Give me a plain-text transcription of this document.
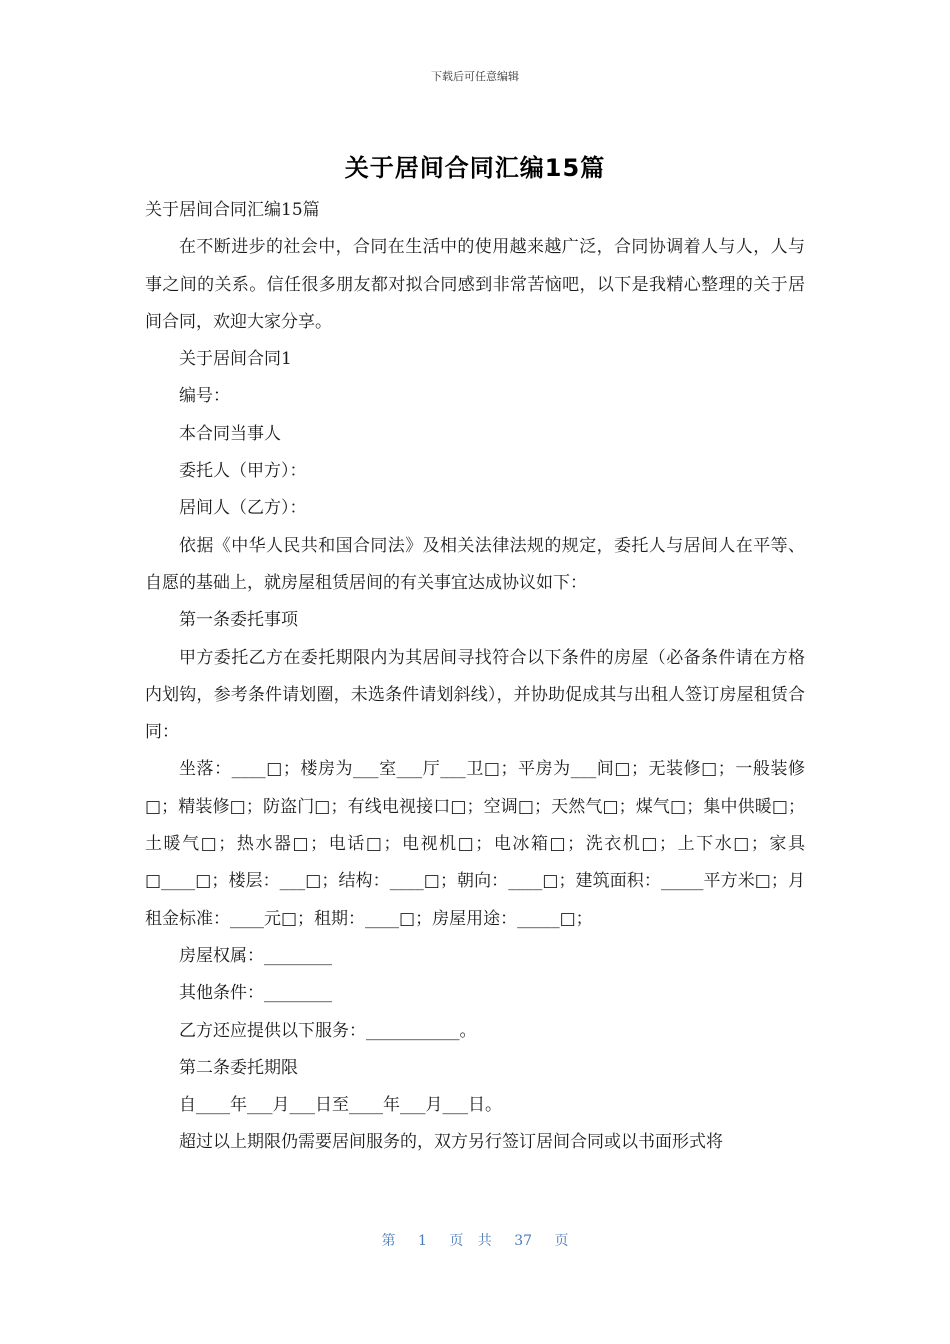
下载后可任意编辑
关于居间合同汇编15篇

关于居间合同汇编15篇

在不断进步的社会中，合同在生活中的使用越来越广泛，合同协调着人与人，人与事之间的关系。信任很多朋友都对拟合同感到非常苦恼吧，以下是我精心整理的关于居间合同，欢迎大家分享。

关于居间合同1

编号：

本合同当事人

委托人（甲方）：

居间人（乙方）：

依据《中华人民共和国合同法》及相关法律法规的规定，委托人与居间人在平等、自愿的基础上，就房屋租赁居间的有关事宜达成协议如下：

第一条委托事项

甲方委托乙方在委托期限内为其居间寻找符合以下条件的房屋（必备条件请在方格内划钩，参考条件请划圈，未选条件请划斜线），并协助促成其与出租人签订房屋租赁合同：

坐落：____□；楼房为___室___厅___卫□；平房为___间□；无装修□；一般装修□；精装修□；防盗门□；有线电视接口□；空调□；天然气□；煤气□；集中供暖□；土暖气□；热水器□；电话□；电视机□；电冰箱□；洗衣机□；上下水□；家具□____□；楼层：___□；结构：____□；朝向：____□；建筑面积：_____平方米□；月租金标准：____元□；租期：____□；房屋用途：_____□；

房屋权属：________

其他条件：________

乙方还应提供以下服务：___________。

第二条委托期限

自____年___月___日至____年___月___日。

超过以上期限仍需要居间服务的，双方另行签订居间合同或以书面形式将

第 1 页 共 37 页
